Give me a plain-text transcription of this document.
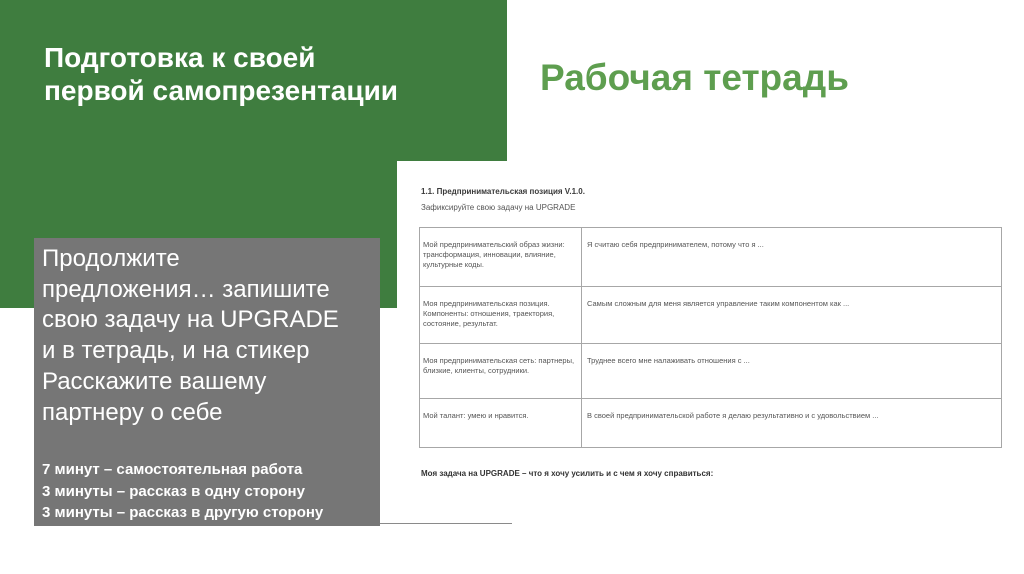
Подготовка к своей
первой самопрезентации	Рабочая тетрадь
1.1. Предпринимательская позиция V.1.0.
Зафиксируйте свою задачу на UPGRADE
Мой предпринимательский образ жизни: трансформация, инновации, влияние, культурные коды.	Я считаю себя предпринимателем, потому что я ...
Моя предпринимательская позиция. Компоненты: отношения, траектория, состояние, результат.	Самым сложным для меня является управление таким компонентом как ...
Моя предпринимательская сеть: партнеры, близкие, клиенты, сотрудники.	Труднее всего мне налаживать отношения с ...
Мой талант: умею и нравится.	В своей предпринимательской работе я делаю результативно и с удовольствием ...
Моя задача на UPGRADE – что я хочу усилить и с чем я хочу справиться:
Продолжите
предложения… запишите
свою задачу на UPGRADE
и в тетрадь, и на стикер
Расскажите вашему
партнеру о себе
7 минут – самостоятельная работа
3 минуты – рассказ в одну сторону
3 минуты – рассказ в другую сторону
